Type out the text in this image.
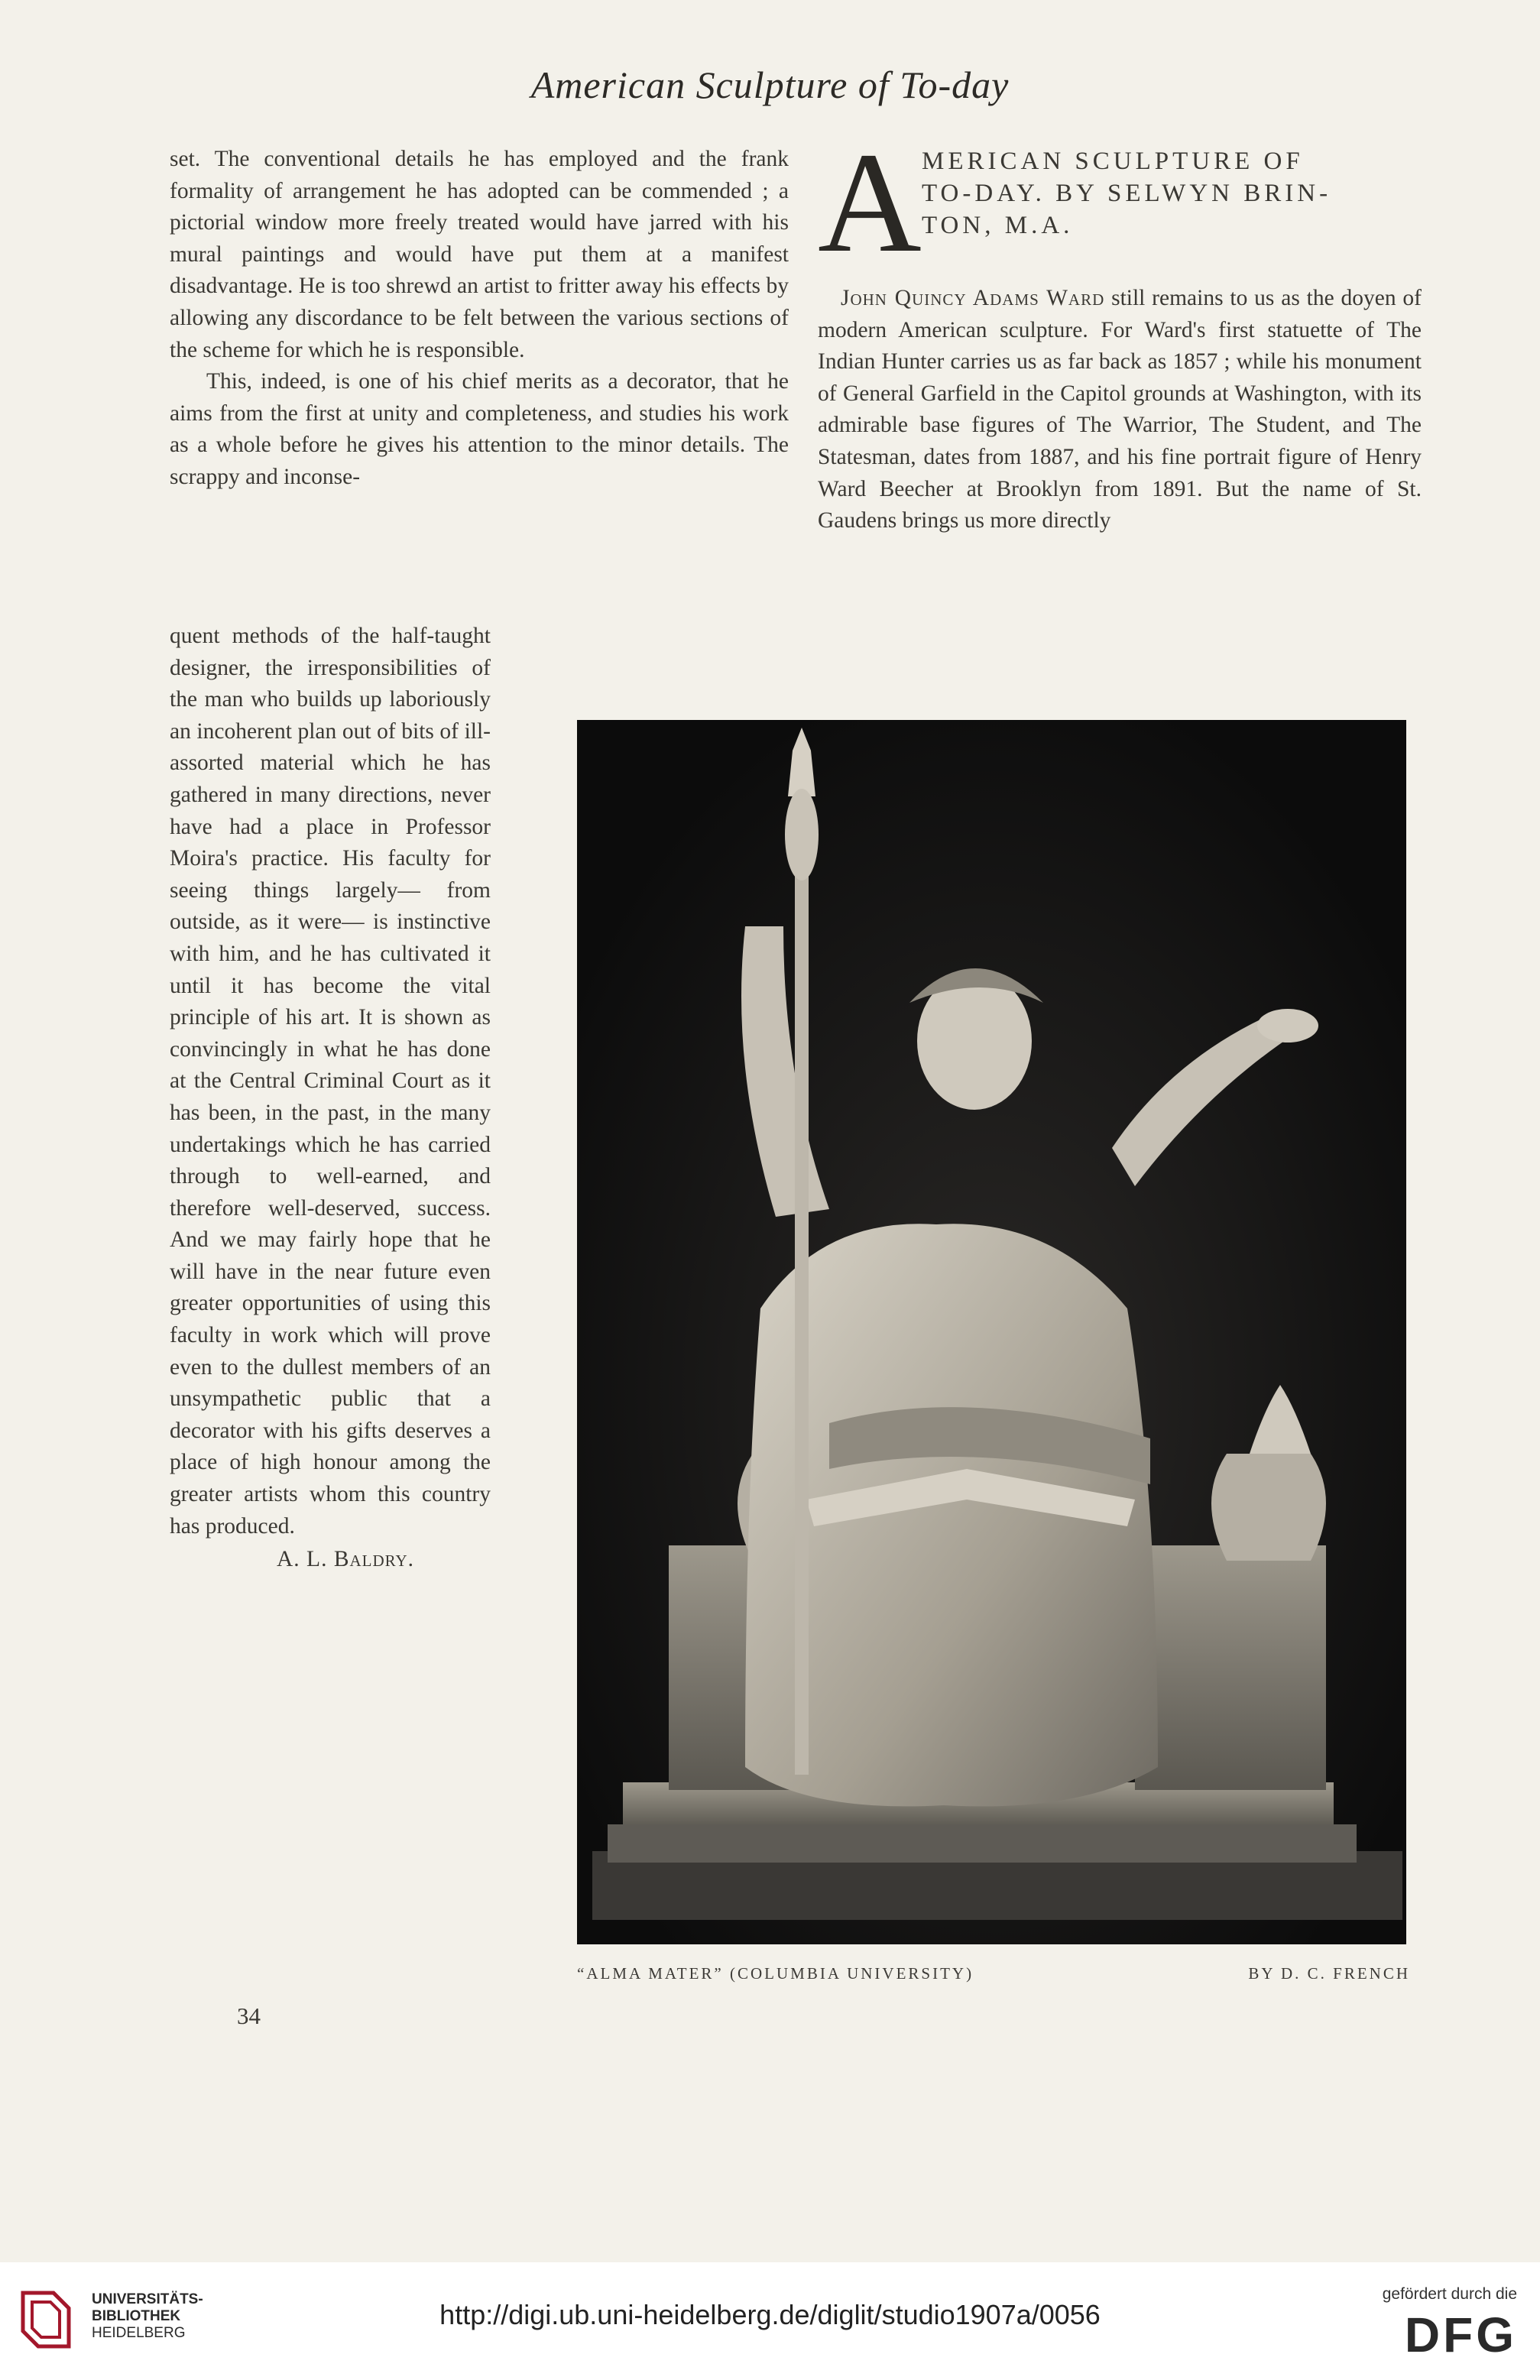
American Sculpture of To-day

set. The conventional details he has employed and the frank formality of arrangement he has adopted can be commended ; a pictorial window more freely treated would have jarred with his mural paintings and would have put them at a manifest disadvantage. He is too shrewd an artist to fritter away his effects by allowing any discordance to be felt between the various sections of the scheme for which he is responsible.

This, indeed, is one of his chief merits as a decorator, that he aims from the first at unity and completeness, and studies his work as a whole before he gives his attention to the minor details. The scrappy and inconse-

quent methods of the half-taught designer, the irresponsibilities of the man who builds up laboriously an incoherent plan out of bits of ill-assorted material which he has gathered in many directions, never have had a place in Professor Moira's practice. His faculty for seeing things largely— from outside, as it were— is instinctive with him, and he has cultivated it until it has become the vital principle of his art. It is shown as convincingly in what he has done at the Central Criminal Court as it has been, in the past, in the many undertakings which he has carried through to well-earned, and therefore well-deserved, success. And we may fairly hope that he will have in the near future even greater opportunities of using this faculty in work which will prove even to the dullest members of an unsympathetic public that a decorator with his gifts deserves a place of high honour among the greater artists whom this country has produced.

A. L. Baldry.

A MERICAN SCULPTURE OF
TO-DAY. BY SELWYN BRIN-
TON, M.A.

John Quincy Adams Ward still remains to us as the doyen of modern American sculpture. For Ward's first statuette of The Indian Hunter carries us as far back as 1857 ; while his monument of General Garfield in the Capitol grounds at Washington, with its admirable base figures of The Warrior, The Student, and The Statesman, dates from 1887, and his fine portrait figure of Henry Ward Beecher at Brooklyn from 1891. But the name of St. Gaudens brings us more directly

“ALMA MATER” (COLUMBIA UNIVERSITY)	BY D. C. FRENCH
34
UNIVERSITÄTS-
BIBLIOTHEK
HEIDELBERG
http://digi.ub.uni-heidelberg.de/diglit/studio1907a/0056
gefördert durch die
DFG
